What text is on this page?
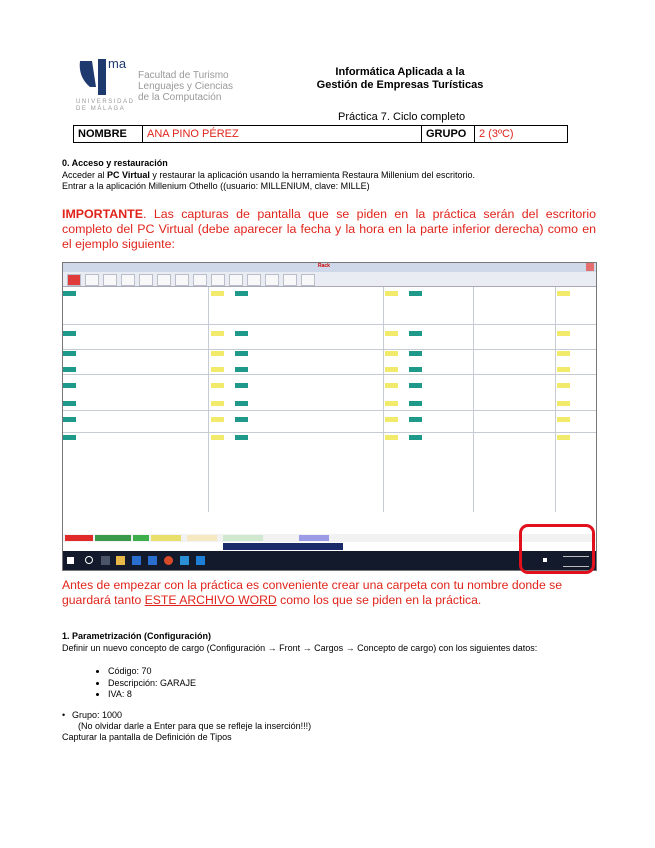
ma
Facultad de Turismo
Lenguajes y Ciencias
de la Computación
UNIVERSIDAD
DE MÁLAGA
Informática Aplicada a la
Gestión de Empresas Turísticas
Práctica 7. Ciclo completo
NOMBRE	ANA PINO PÉREZ	GRUPO	2 (3ºC)
0. Acceso y restauración
Acceder al PC Virtual y restaurar la aplicación usando la herramienta Restaura Millenium del escritorio.
Entrar a la aplicación Millenium Othello ((usuario: MILLENIUM, clave: MILLE)
IMPORTANTE. Las capturas de pantalla que se piden en la práctica serán del escritorio completo del PC Virtual (debe aparecer la fecha y la hora en la parte inferior derecha) como en el ejemplo siguiente:
Rack
Antes de empezar con la práctica es conveniente crear una carpeta con tu nombre donde se guardará tanto ESTE ARCHIVO WORD como los que se piden en la práctica.
1. Parametrización (Configuración)
Definir un nuevo concepto de cargo (Configuración → Front → Cargos → Concepto de cargo) con los siguientes datos:
• Código: 70
• Descripción: GARAJE
• IVA: 8
• Grupo: 1000
(No olvidar darle a Enter para que se refleje la inserción!!!)
Capturar la pantalla de Definición de Tipos
